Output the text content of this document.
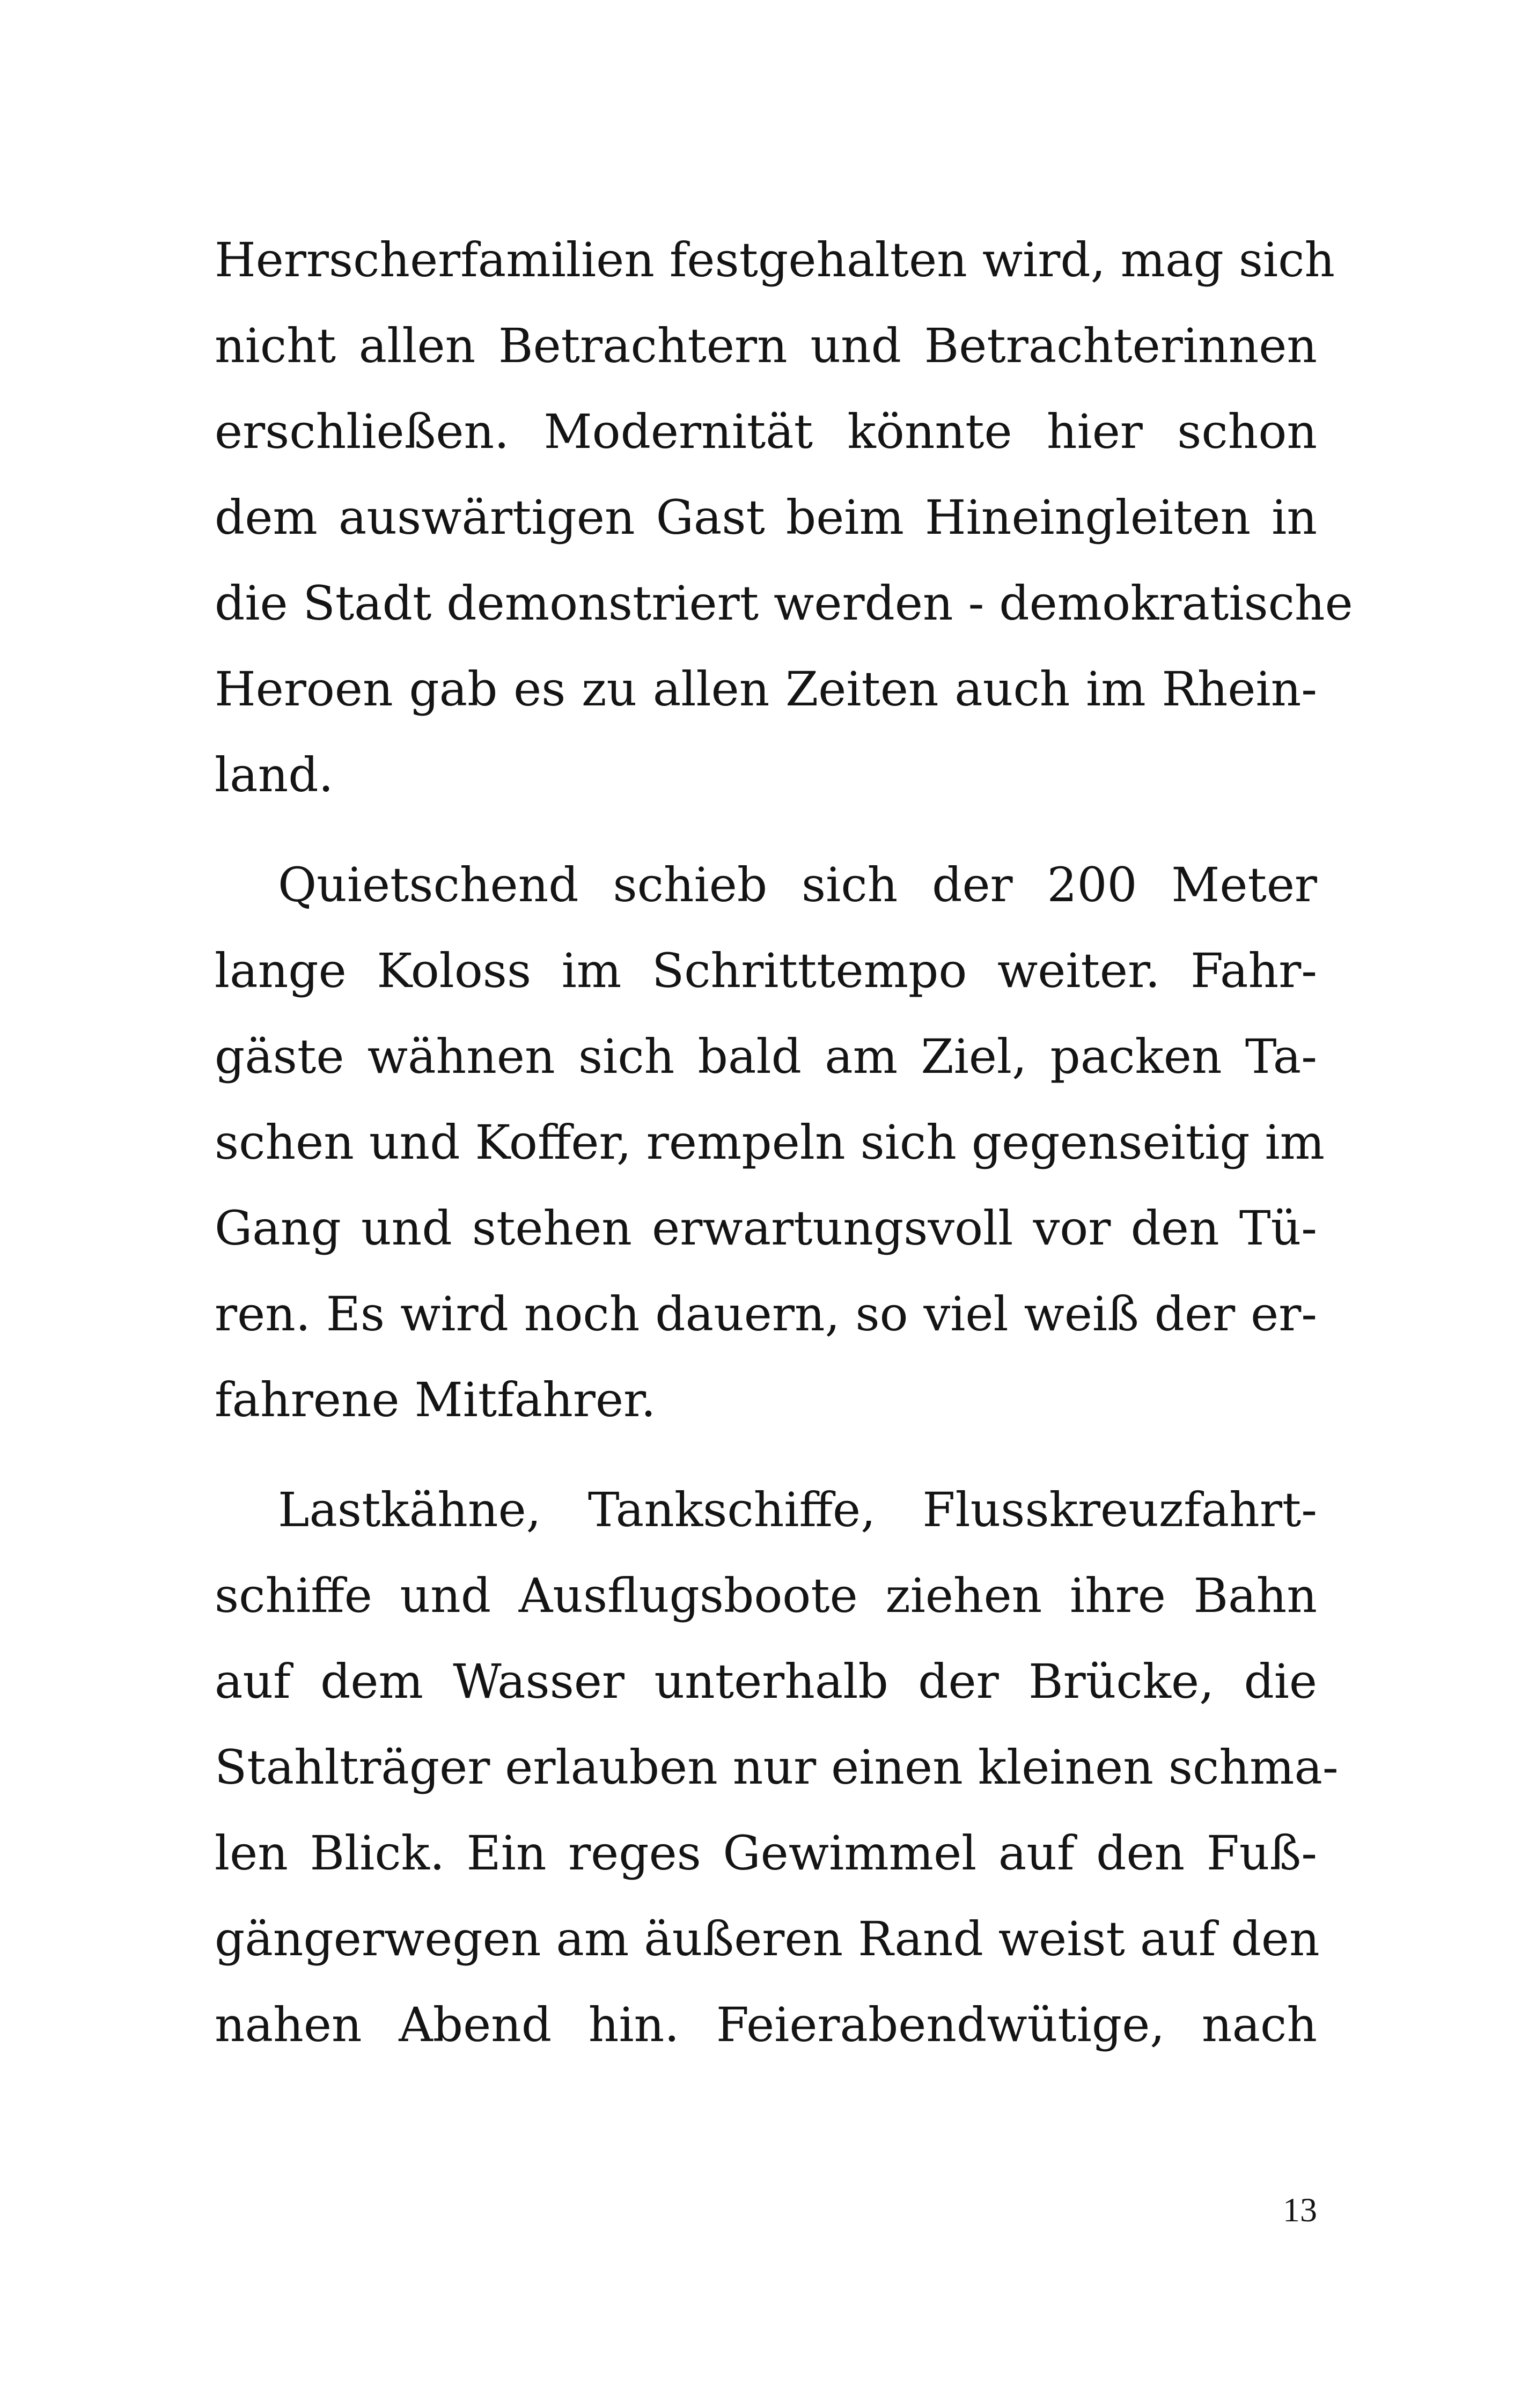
Herrscherfamilien festgehalten wird, mag sich
nicht allen Betrachtern und Betrachterinnen
erschließen. Modernität könnte hier schon
dem auswärtigen Gast beim Hineingleiten in
die Stadt demonstriert werden - demokratische
Heroen gab es zu allen Zeiten auch im Rhein-
land.
Quietschend schieb sich der 200 Meter
lange Koloss im Schritttempo weiter. Fahr-
gäste wähnen sich bald am Ziel, packen Ta-
schen und Koffer, rempeln sich gegenseitig im
Gang und stehen erwartungsvoll vor den Tü-
ren. Es wird noch dauern, so viel weiß der er-
fahrene Mitfahrer.
Lastkähne, Tankschiffe, Flusskreuzfahrt-
schiffe und Ausflugsboote ziehen ihre Bahn
auf dem Wasser unterhalb der Brücke, die
Stahlträger erlauben nur einen kleinen schma-
len Blick. Ein reges Gewimmel auf den Fuß-
gängerwegen am äußeren Rand weist auf den
nahen Abend hin. Feierabendwütige, nach
13
